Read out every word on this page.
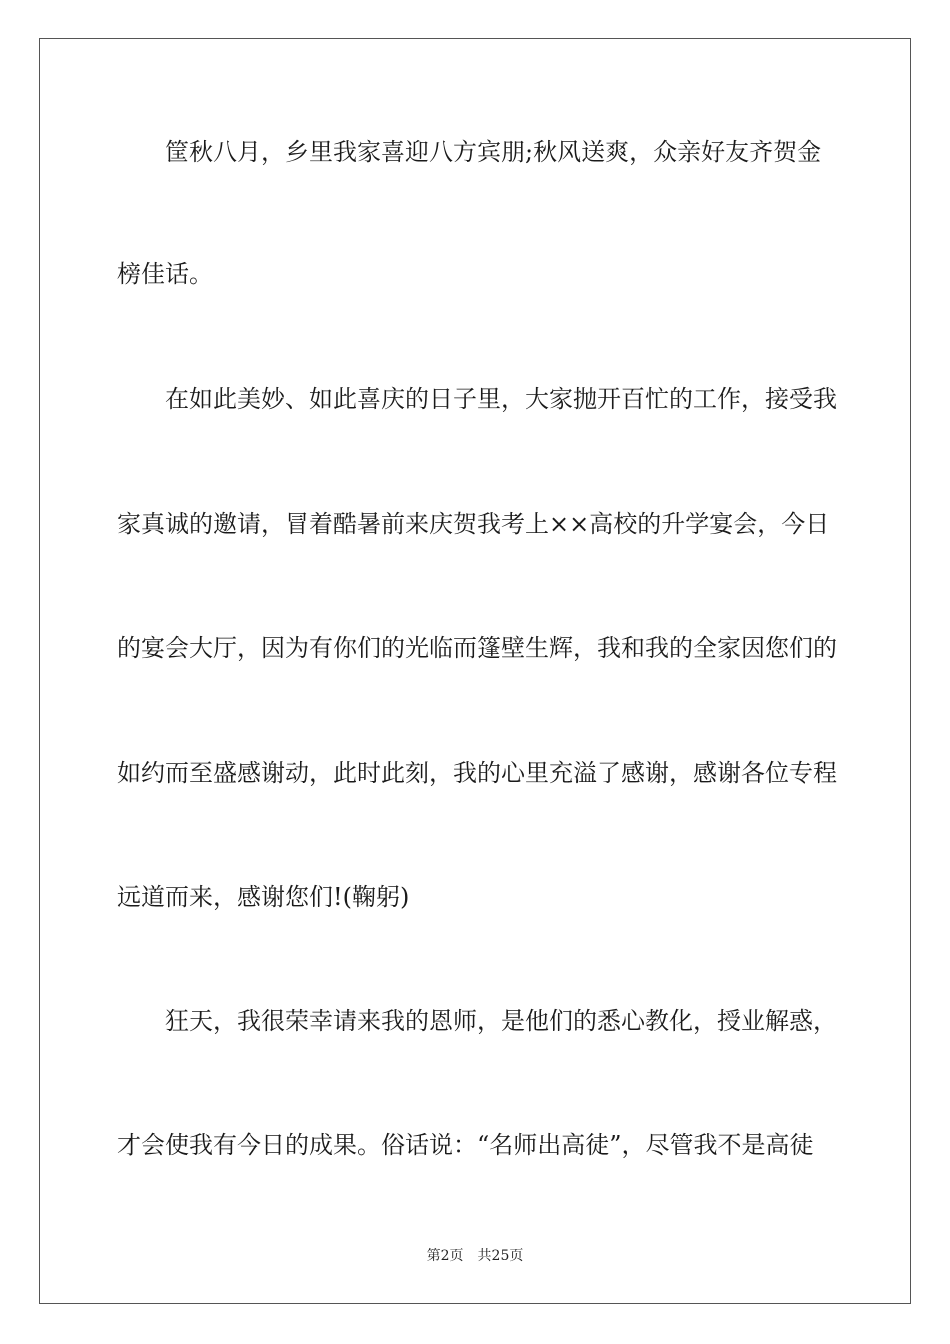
筐秋八月，乡里我家喜迎八方宾朋;秋风送爽，众亲好友齐贺金
榜佳话。
在如此美妙、如此喜庆的日子里，大家抛开百忙的工作，接受我
家真诚的邀请，冒着酷暑前来庆贺我考上××高校的升学宴会，今日
的宴会大厅，因为有你们的光临而篷壁生辉，我和我的全家因您们的
如约而至盛感谢动，此时此刻，我的心里充溢了感谢，感谢各位专程
远道而来，感谢您们!(鞠躬)
狂天，我很荣幸请来我的恩师，是他们的悉心教化，授业解惑，
才会使我有今日的成果。俗话说：“名师出高徒”，尽管我不是高徒
第2页 共25页
